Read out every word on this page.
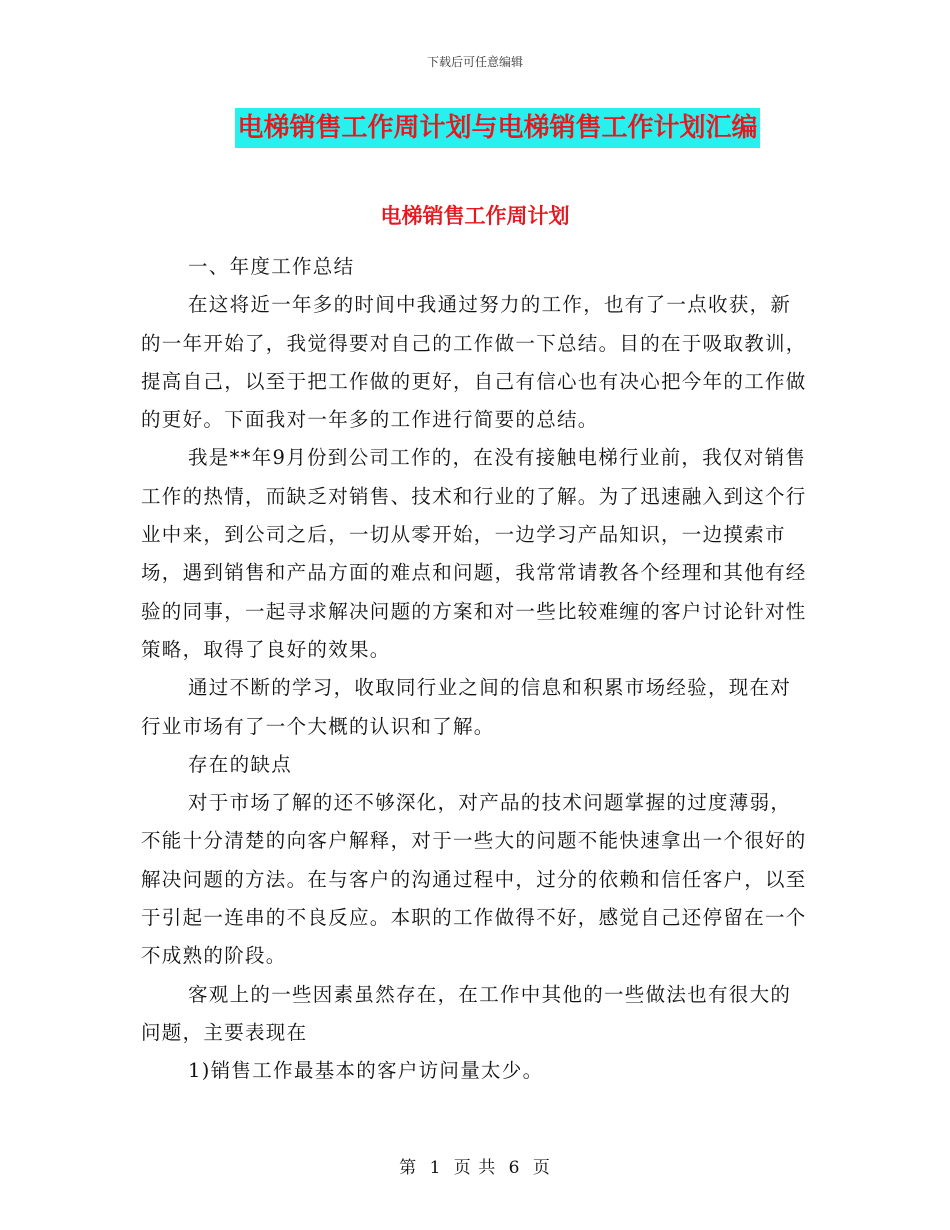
下载后可任意编辑
电梯销售工作周计划与电梯销售工作计划汇编
电梯销售工作周计划

一、年度工作总结

在这将近一年多的时间中我通过努力的工作，也有了一点收获，新的一年开始了，我觉得要对自己的工作做一下总结。目的在于吸取教训，提高自己，以至于把工作做的更好，自己有信心也有决心把今年的工作做的更好。下面我对一年多的工作进行简要的总结。

我是**年9月份到公司工作的，在没有接触电梯行业前，我仅对销售工作的热情，而缺乏对销售、技术和行业的了解。为了迅速融入到这个行业中来，到公司之后，一切从零开始，一边学习产品知识，一边摸索市场，遇到销售和产品方面的难点和问题，我常常请教各个经理和其他有经验的同事，一起寻求解决问题的方案和对一些比较难缠的客户讨论针对性策略，取得了良好的效果。

通过不断的学习，收取同行业之间的信息和积累市场经验，现在对行业市场有了一个大概的认识和了解。

存在的缺点

对于市场了解的还不够深化，对产品的技术问题掌握的过度薄弱，不能十分清楚的向客户解释，对于一些大的问题不能快速拿出一个很好的解决问题的方法。在与客户的沟通过程中，过分的依赖和信任客户，以至于引起一连串的不良反应。本职的工作做得不好，感觉自己还停留在一个不成熟的阶段。

客观上的一些因素虽然存在，在工作中其他的一些做法也有很大的问题，主要表现在

1)销售工作最基本的客户访问量太少。

第 1 页 共 6 页
